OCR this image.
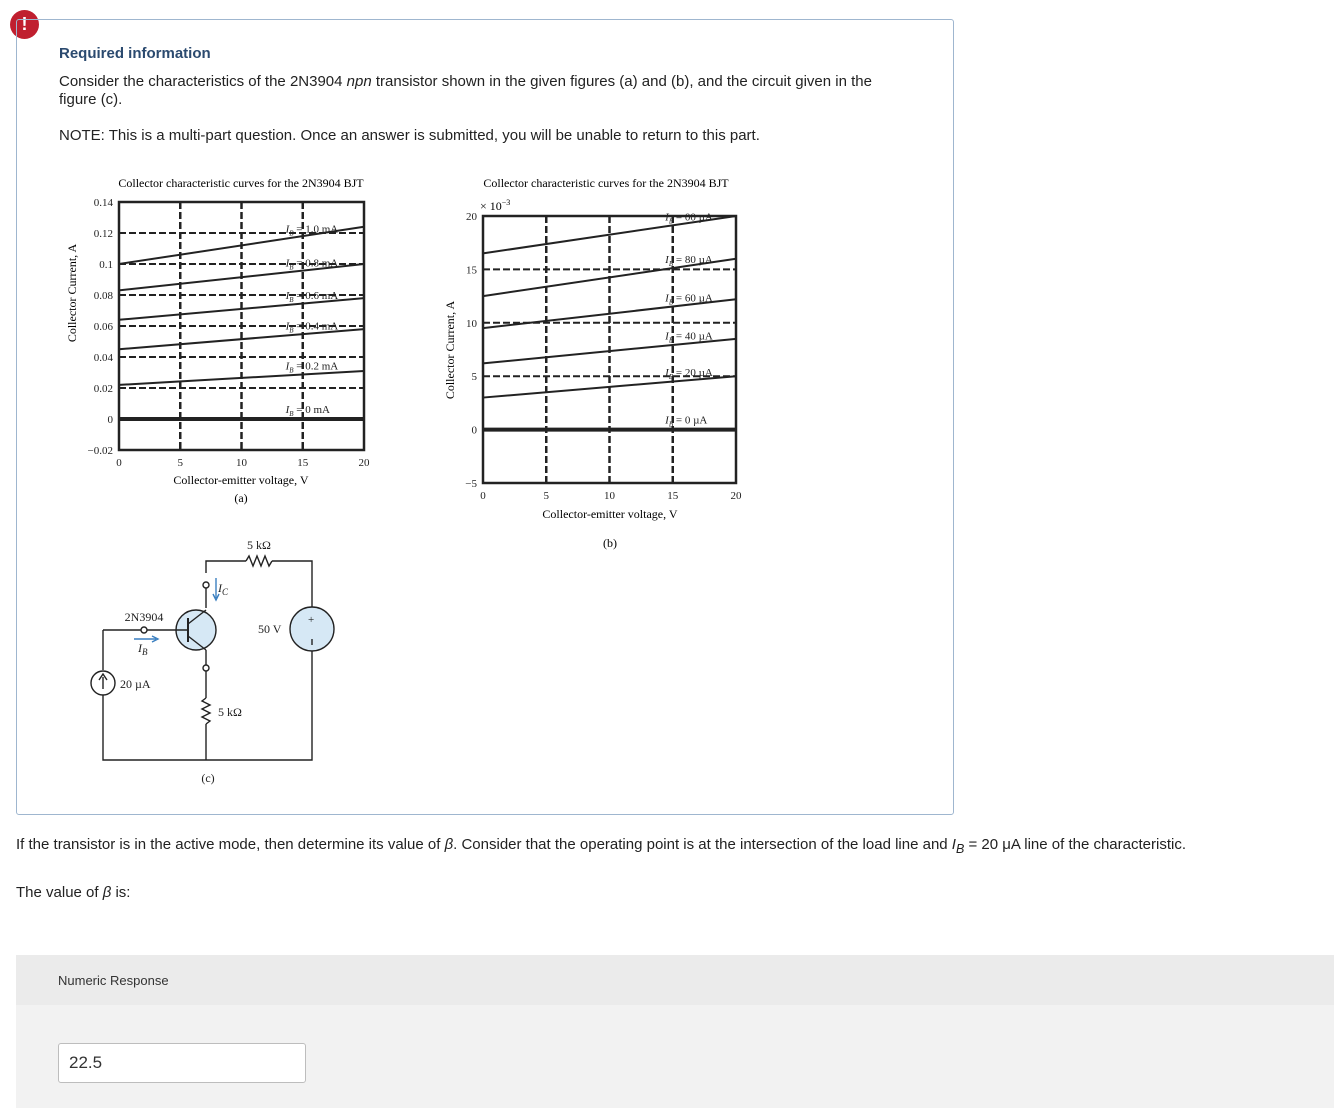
!
Required information
Consider the characteristics of the 2N3904 npn transistor shown in the given figures (a) and (b), and the circuit given in the
figure (c).
NOTE: This is a multi-part question. Once an answer is submitted, you will be unable to return to this part.
Collector characteristic curves for the 2N3904 BJT
Collector Current, A
Collector-emitter voltage, V
(a)
0.14
0.12
0.1
0.08
0.06
0.04
0.02
0
−0.02
0	5	10	15	20
$I_B = 1.0$ mA
$I_B = 0.8$ mA
$I_B = 0.6$ mA
$I_B = 0.4$ mA
$I_B = 0.2$ mA
$I_B = 0$ mA
Collector characteristic curves for the 2N3904 BJT
× $10^{-3}$
Collector Current, A
Collector-emitter voltage, V
(b)
20
15
10
5
0
−5
0	5	10	15	20
$I_B = 00$ µA
$I_B = 80$ µA
$I_B = 60$ µA
$I_B = 40$ µA
$I_B = 20$ µA
$I_B = 0$ µA
5 kΩ
$I_C$
2N3904
$I_B$
50 V
+
20 µA
5 kΩ
(c)
If the transistor is in the active mode, then determine its value of β. Consider that the operating point is at the intersection of the load line and $I_B = 20$ μA line of the characteristic.
The value of β is:
Numeric Response
22.5
